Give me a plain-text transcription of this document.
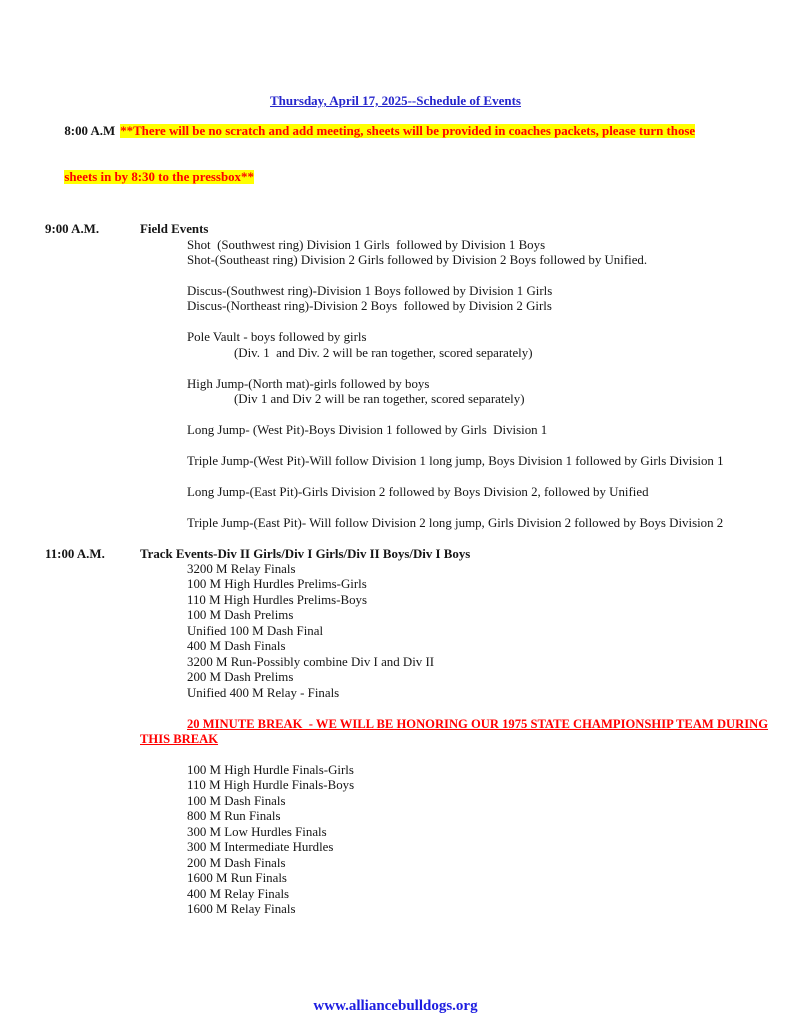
Thursday, April 17, 2025--Schedule of Events

8:00 A.M **There will be no scratch and add meeting, sheets will be provided in coaches packets, please turn those

sheets in by 8:30 to the pressbox**

9:00 A.M.	Field Events
Shot  (Southwest ring) Division 1 Girls  followed by Division 1 Boys
Shot-(Southeast ring) Division 2 Girls followed by Division 2 Boys followed by Unified.
Discus-(Southwest ring)-Division 1 Boys followed by Division 1 Girls
Discus-(Northeast ring)-Division 2 Boys  followed by Division 2 Girls
Pole Vault - boys followed by girls
(Div. 1  and Div. 2 will be ran together, scored separately)
High Jump-(North mat)-girls followed by boys
(Div 1 and Div 2 will be ran together, scored separately)
Long Jump- (West Pit)-Boys Division 1 followed by Girls  Division 1
Triple Jump-(West Pit)-Will follow Division 1 long jump, Boys Division 1 followed by Girls Division 1
Long Jump-(East Pit)-Girls Division 2 followed by Boys Division 2, followed by Unified
Triple Jump-(East Pit)- Will follow Division 2 long jump, Girls Division 2 followed by Boys Division 2
11:00 A.M.	Track Events-Div II Girls/Div I Girls/Div II Boys/Div I Boys
3200 M Relay Finals
100 M High Hurdles Prelims-Girls
110 M High Hurdles Prelims-Boys
100 M Dash Prelims
Unified 100 M Dash Final
400 M Dash Finals
3200 M Run-Possibly combine Div I and Div II
200 M Dash Prelims
Unified 400 M Relay - Finals
20 MINUTE BREAK  - WE WILL BE HONORING OUR 1975 STATE CHAMPIONSHIP TEAM DURING
THIS BREAK
100 M High Hurdle Finals-Girls
110 M High Hurdle Finals-Boys
100 M Dash Finals
800 M Run Finals
300 M Low Hurdles Finals
300 M Intermediate Hurdles
200 M Dash Finals
1600 M Run Finals
400 M Relay Finals
1600 M Relay Finals
www.alliancebulldogs.org
